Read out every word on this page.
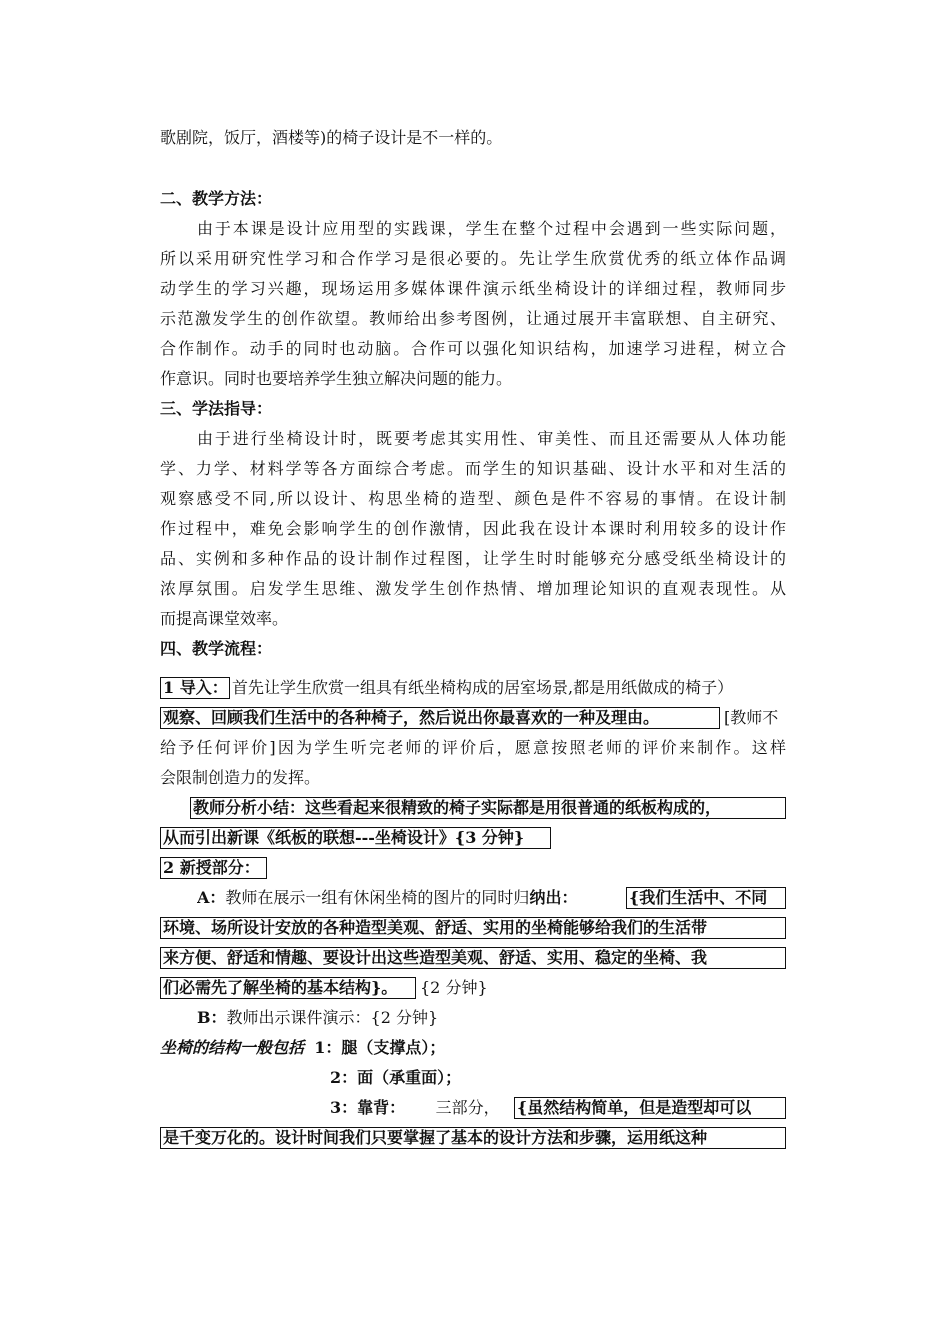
歌剧院，饭厅，酒楼等)的椅子设计是不一样的。
二、教学方法：
由于本课是设计应用型的实践课，学生在整个过程中会遇到一些实际问题，
所以采用研究性学习和合作学习是很必要的。先让学生欣赏优秀的纸立体作品调
动学生的学习兴趣，现场运用多媒体课件演示纸坐椅设计的详细过程，教师同步
示范激发学生的创作欲望。教师给出参考图例，让通过展开丰富联想、自主研究、
合作制作。动手的同时也动脑。合作可以强化知识结构，加速学习进程，树立合
作意识。同时也要培养学生独立解决问题的能力。
三、学法指导：
由于进行坐椅设计时，既要考虑其实用性、审美性、而且还需要从人体功能
学、力学、材料学等各方面综合考虑。而学生的知识基础、设计水平和对生活的
观察感受不同,所以设计、构思坐椅的造型、颜色是件不容易的事情。在设计制
作过程中，难免会影响学生的创作激情，因此我在设计本课时利用较多的设计作
品、实例和多种作品的设计制作过程图，让学生时时能够充分感受纸坐椅设计的
浓厚氛围。启发学生思维、激发学生创作热情、增加理论知识的直观表现性。从
而提高课堂效率。
四、教学流程：
1 导入： 首先让学生欣赏一组具有纸坐椅构成的居室场景,都是用纸做成的椅子）
观察、回顾我们生活中的各种椅子，然后说出你最喜欢的一种及理由。	[教师不
给予任何评价]因为学生听完老师的评价后，愿意按照老师的评价来制作。这样
会限制创造力的发挥。
教师分析小结：这些看起来很精致的椅子实际都是用很普通的纸板构成的，
从而引出新课《纸板的联想---坐椅设计》{3 分钟}
2 新授部分：
A：教师在展示一组有休闲坐椅的图片的同时归纳出：	{我们生活中、不同
环境、场所设计安放的各种造型美观、舒适、实用的坐椅能够给我们的生活带
来方便、舒适和情趣、要设计出这些造型美观、舒适、实用、稳定的坐椅、我
们必需先了解坐椅的基本结构}。	{2 分钟}
B：教师出示课件演示：{2 分钟}
坐椅的结构一般包括 1：腿（支撑点）；
2：面（承重面）；
3：靠背： 三部分，	{虽然结构简单，但是造型却可以
是千变万化的。设计时间我们只要掌握了基本的设计方法和步骤，运用纸这种
